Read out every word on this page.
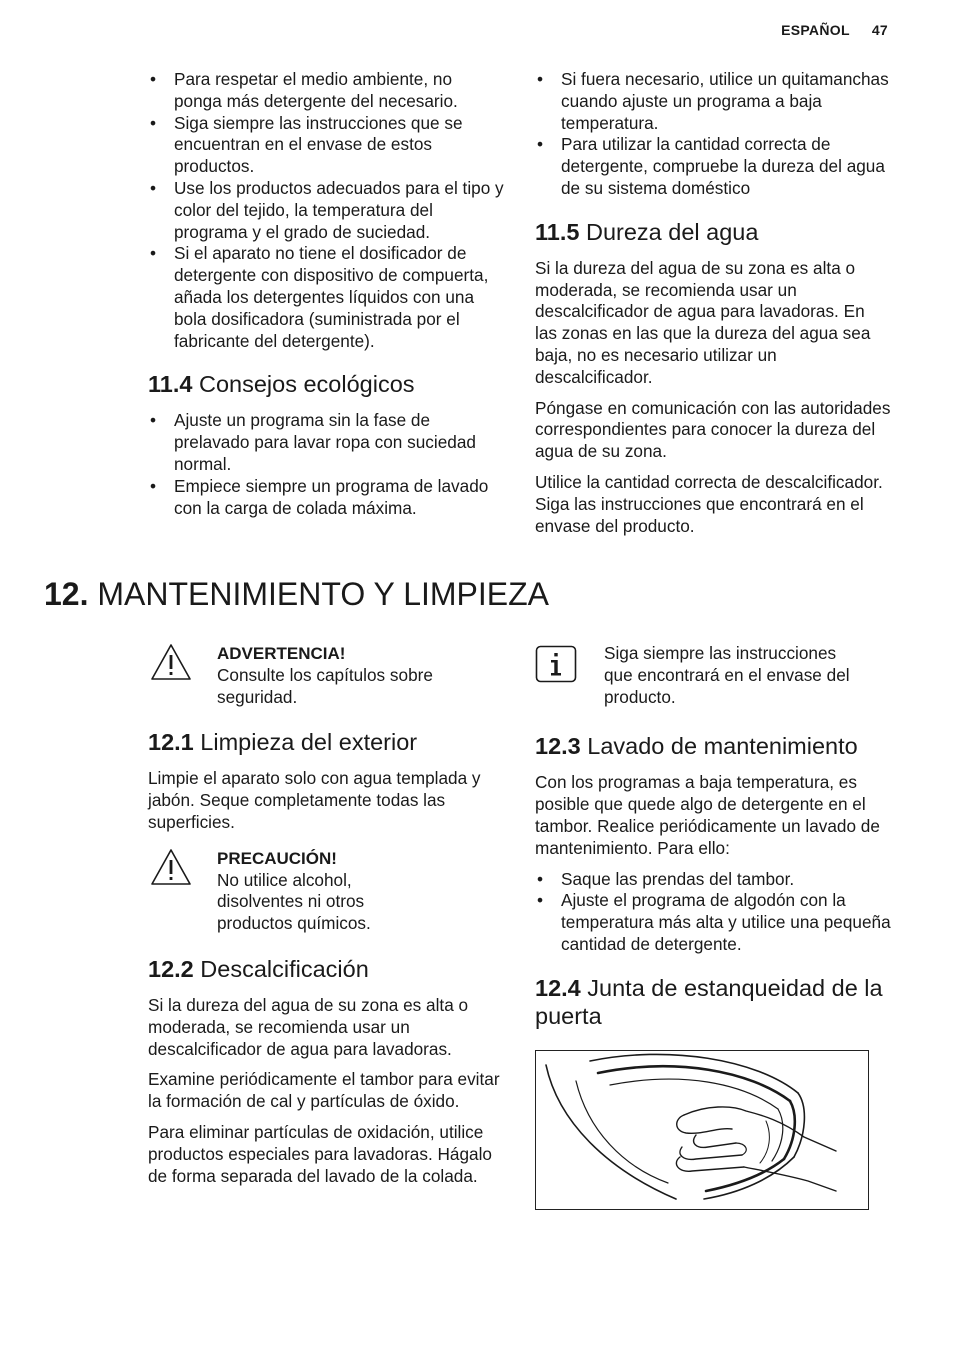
ESPAÑOL 47
• Para respetar el medio ambiente, no ponga más detergente del necesario.
• Siga siempre las instrucciones que se encuentran en el envase de estos productos.
• Use los productos adecuados para el tipo y color del tejido, la temperatura del programa y el grado de suciedad.
• Si el aparato no tiene el dosificador de detergente con dispositivo de compuerta, añada los detergentes líquidos con una bola dosificadora (suministrada por el fabricante del detergente).
11.4 Consejos ecológicos
• Ajuste un programa sin la fase de prelavado para lavar ropa con suciedad normal.
• Empiece siempre un programa de lavado con la carga de colada máxima.
• Si fuera necesario, utilice un quitamanchas cuando ajuste un programa a baja temperatura.
• Para utilizar la cantidad correcta de detergente, compruebe la dureza del agua de su sistema doméstico
11.5 Dureza del agua

Si la dureza del agua de su zona es alta o moderada, se recomienda usar un descalcificador de agua para lavadoras. En las zonas en las que la dureza del agua sea baja, no es necesario utilizar un descalcificador.

Póngase en comunicación con las autoridades correspondientes para conocer la dureza del agua de su zona.

Utilice la cantidad correcta de descalcificador. Siga las instrucciones que encontrará en el envase del producto.

12. MANTENIMIENTO Y LIMPIEZA
ADVERTENCIA!

Consulte los capítulos sobre seguridad.

12.1 Limpieza del exterior

Limpie el aparato solo con agua templada y jabón. Seque completamente todas las superficies.

PRECAUCIÓN!

No utilice alcohol, disolventes ni otros productos químicos.

12.2 Descalcificación

Si la dureza del agua de su zona es alta o moderada, se recomienda usar un descalcificador de agua para lavadoras.

Examine periódicamente el tambor para evitar la formación de cal y partículas de óxido.

Para eliminar partículas de oxidación, utilice productos especiales para lavadoras. Hágalo de forma separada del lavado de la colada.

Siga siempre las instrucciones que encontrará en el envase del producto.

12.3 Lavado de mantenimiento

Con los programas a baja temperatura, es posible que quede algo de detergente en el tambor. Realice periódicamente un lavado de mantenimiento. Para ello:

• Saque las prendas del tambor.
• Ajuste el programa de algodón con la temperatura más alta y utilice una pequeña cantidad de detergente.
12.4 Junta de estanqueidad de la puerta
